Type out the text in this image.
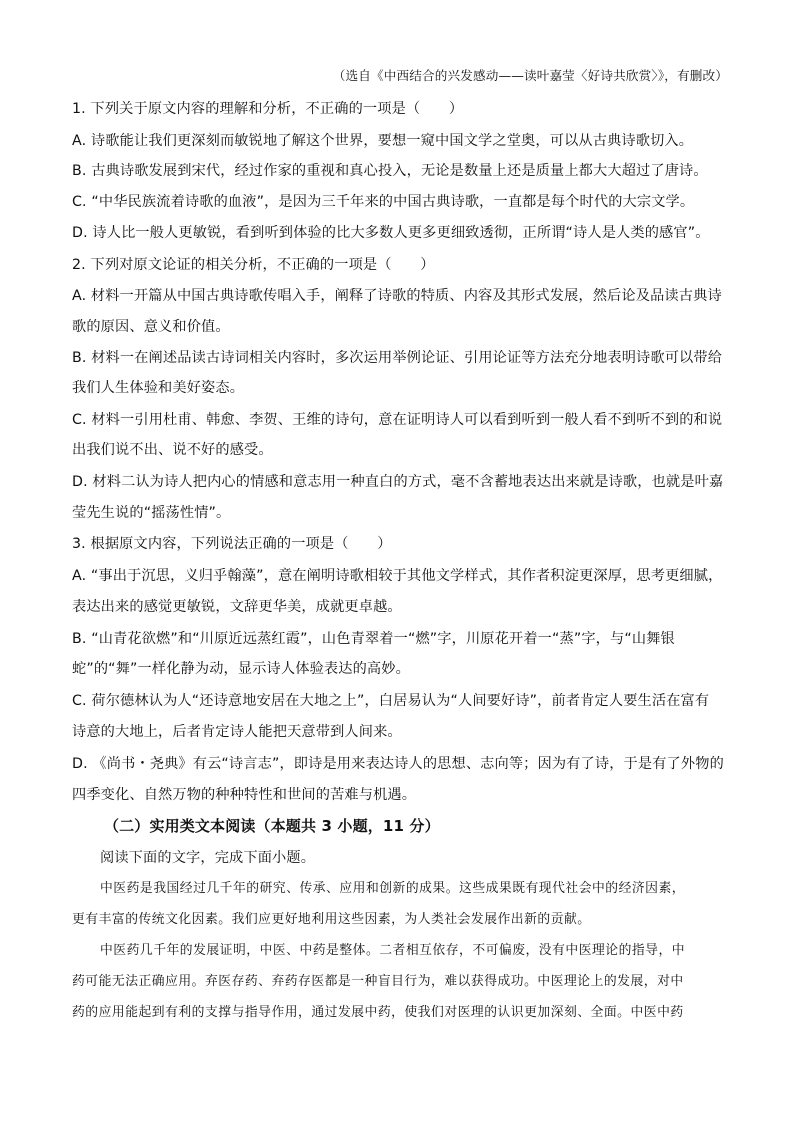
（选自《中西结合的兴发感动——读叶嘉莹〈好诗共欣赏〉》，有删改）
1. 下列关于原文内容的理解和分析，不正确的一项是（　　）
A. 诗歌能让我们更深刻而敏锐地了解这个世界，要想一窥中国文学之堂奥，可以从古典诗歌切入。
B. 古典诗歌发展到宋代，经过作家的重视和真心投入，无论是数量上还是质量上都大大超过了唐诗。
C. “中华民族流着诗歌的血液”，是因为三千年来的中国古典诗歌，一直都是每个时代的大宗文学。
D. 诗人比一般人更敏锐，看到听到体验的比大多数人更多更细致透彻，正所谓“诗人是人类的感官”。
2. 下列对原文论证的相关分析，不正确的一项是（　　）
A. 材料一开篇从中国古典诗歌传唱入手，阐释了诗歌的特质、内容及其形式发展，然后论及品读古典诗
歌的原因、意义和价值。
B. 材料一在阐述品读古诗词相关内容时，多次运用举例论证、引用论证等方法充分地表明诗歌可以带给
我们人生体验和美好姿态。
C. 材料一引用杜甫、韩愈、李贺、王维的诗句，意在证明诗人可以看到听到一般人看不到听不到的和说
出我们说不出、说不好的感受。
D. 材料二认为诗人把内心的情感和意志用一种直白的方式，毫不含蓄地表达出来就是诗歌，也就是叶嘉
莹先生说的“摇荡性情”。
3. 根据原文内容，下列说法正确的一项是（　　）
A. “事出于沉思，义归乎翰藻”，意在阐明诗歌相较于其他文学样式，其作者积淀更深厚，思考更细腻，
表达出来的感觉更敏锐，文辞更华美，成就更卓越。
B. “山青花欲燃”和“川原近远蒸红霞”，山色青翠着一“燃”字，川原花开着一“蒸”字，与“山舞银
蛇”的“舞”一样化静为动，显示诗人体验表达的高妙。
C. 荷尔德林认为人“还诗意地安居在大地之上”，白居易认为“人间要好诗”，前者肯定人要生活在富有
诗意的大地上，后者肯定诗人能把天意带到人间来。
D. 《尚书・尧典》有云“诗言志”，即诗是用来表达诗人的思想、志向等；因为有了诗，于是有了外物的
四季变化、自然万物的种种特性和世间的苦难与机遇。
（二）实用类文本阅读（本题共 3 小题，11 分）
阅读下面的文字，完成下面小题。
中医药是我国经过几千年的研究、传承、应用和创新的成果。这些成果既有现代社会中的经济因素，
更有丰富的传统文化因素。我们应更好地利用这些因素，为人类社会发展作出新的贡献。
中医药几千年的发展证明，中医、中药是整体。二者相互依存，不可偏废，没有中医理论的指导，中
药可能无法正确应用。弃医存药、弃药存医都是一种盲目行为，难以获得成功。中医理论上的发展，对中
药的应用能起到有利的支撑与指导作用，通过发展中药，使我们对医理的认识更加深刻、全面。中医中药
